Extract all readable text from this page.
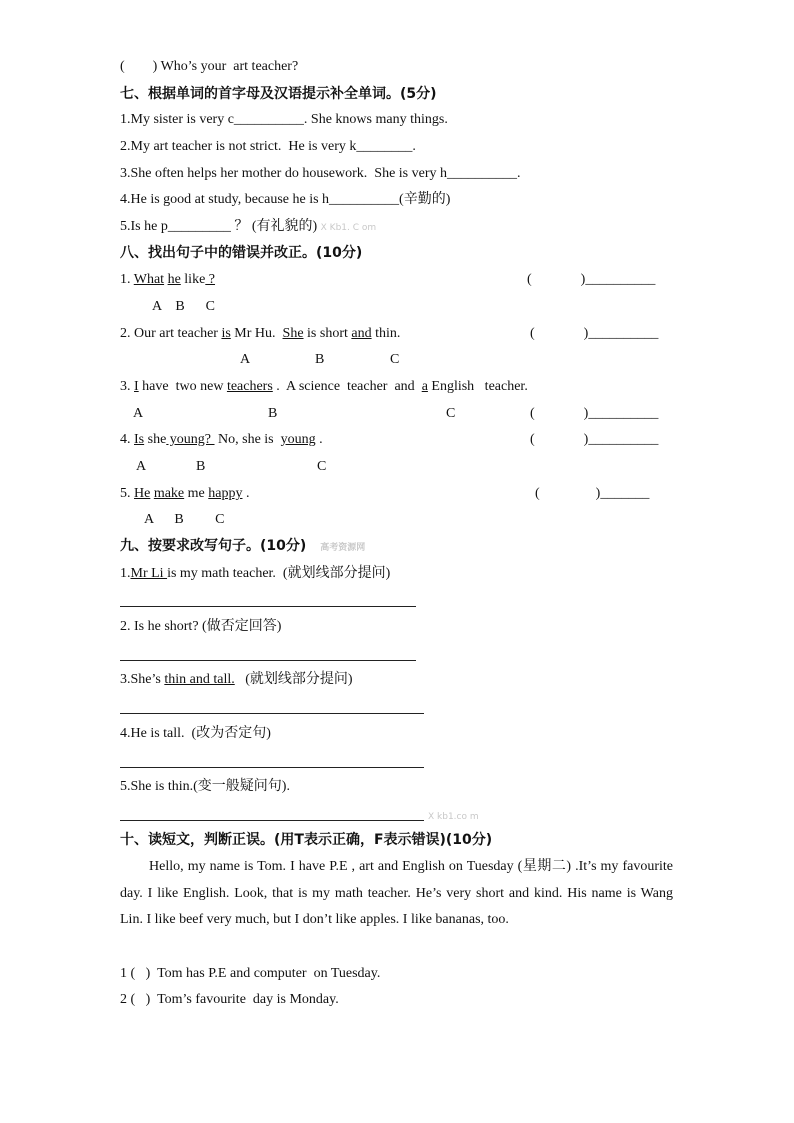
(        ) Who’s your  art teacher?
七、根据单词的首字母及汉语提示补全单词。(5分)
1.My sister is very c__________. She knows many things.
2.My art teacher is not strict.  He is very k________.
3.She often helps her mother do housework.  She is very h__________.
4.He is good at study, because he is h__________(辛勤的)
5.Is he p_________ ？ (有礼貌的) X Kb1. C om
八、找出句子中的错误并改正。(10分)
1. What he like ?	(              )__________
A    B      C
2. Our art teacher is Mr Hu.  She is short and thin.	(              )__________
A	B	C
3. I have  two new teachers .  A science  teacher  and  a English   teacher.
A	B	C	(              )__________
4. Is she young?  No, she is  young .	(              )__________
A	B	C
5. He make me happy .	(                )_______
A      B         C
九、按要求改写句子。(10分) 高考资源网
1.Mr Li is my math teacher.  (就划线部分提问)
2. Is he short? (做否定回答)
3.She’s thin and tall.   (就划线部分提问)
4.He is tall.  (改为否定句)
5.She is thin.(变一般疑问句).
X kb1.co m
十、读短文，判断正误。(用T表示正确，F表示错误)(10分)
　　Hello, my name is Tom. I have P.E , art and English on Tuesday (星期二) .It’s my favourite day. I like English. Look, that is my math teacher. He’s very short and kind. His name is Wang Lin. I like beef very much, but I don’t like apples. I like bananas, too.
1 (   )  Tom has P.E and computer  on Tuesday.
2 (   )  Tom’s favourite  day is Monday.
